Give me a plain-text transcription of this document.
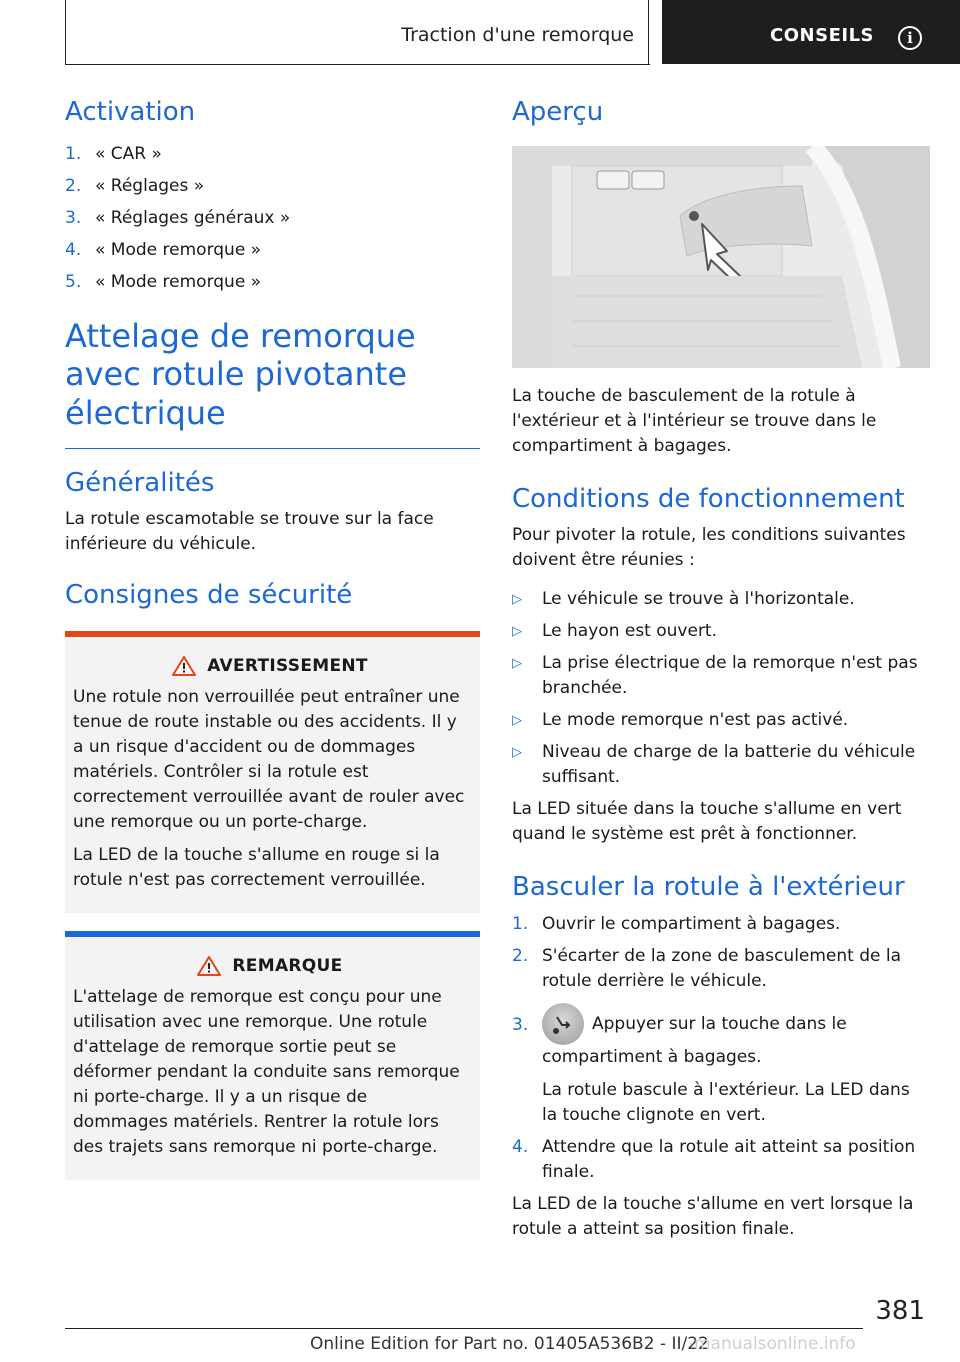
Traction d'une remorque	CONSEILS	i
Activation
1. « CAR »
2. « Réglages »
3. « Réglages généraux »
4. « Mode remorque »
5. « Mode remorque »
Attelage de remorque avec rotule pivotante électrique
Généralités

La rotule escamotable se trouve sur la face inférieure du véhicule.

Consignes de sécurité
AVERTISSEMENT

Une rotule non verrouillée peut entraîner une tenue de route instable ou des accidents. Il y a un risque d'accident ou de dommages matériels. Contrôler si la rotule est correctement verrouillée avant de rouler avec une remorque ou un porte-charge.

La LED de la touche s'allume en rouge si la rotule n'est pas correctement verrouillée.

REMARQUE

L'attelage de remorque est conçu pour une utilisation avec une remorque. Une rotule d'attelage de remorque sortie peut se déformer pendant la conduite sans remorque ni porte-charge. Il y a un risque de dommages matériels. Rentrer la rotule lors des trajets sans remorque ni porte-charge.

Aperçu

La touche de basculement de la rotule à l'extérieur et à l'intérieur se trouve dans le compartiment à bagages.

Conditions de fonctionnement

Pour pivoter la rotule, les conditions suivantes doivent être réunies :

▷ Le véhicule se trouve à l'horizontale.
▷ Le hayon est ouvert.
▷ La prise électrique de la remorque n'est pas branchée.
▷ Le mode remorque n'est pas activé.
▷ Niveau de charge de la batterie du véhicule suffisant.

La LED située dans la touche s'allume en vert quand le système est prêt à fonctionner.

Basculer la rotule à l'extérieur
1. Ouvrir le compartiment à bagages.
2. S'écarter de la zone de basculement de la rotule derrière le véhicule.
3.	Appuyer sur la touche dans le compartiment à bagages.

La rotule bascule à l'extérieur. La LED dans la touche clignote en vert.

4. Attendre que la rotule ait atteint sa position finale.

La LED de la touche s'allume en vert lorsque la rotule a atteint sa position finale.

381
Online Edition for Part no. 01405A536B2 - II/22
manualsonline.info
